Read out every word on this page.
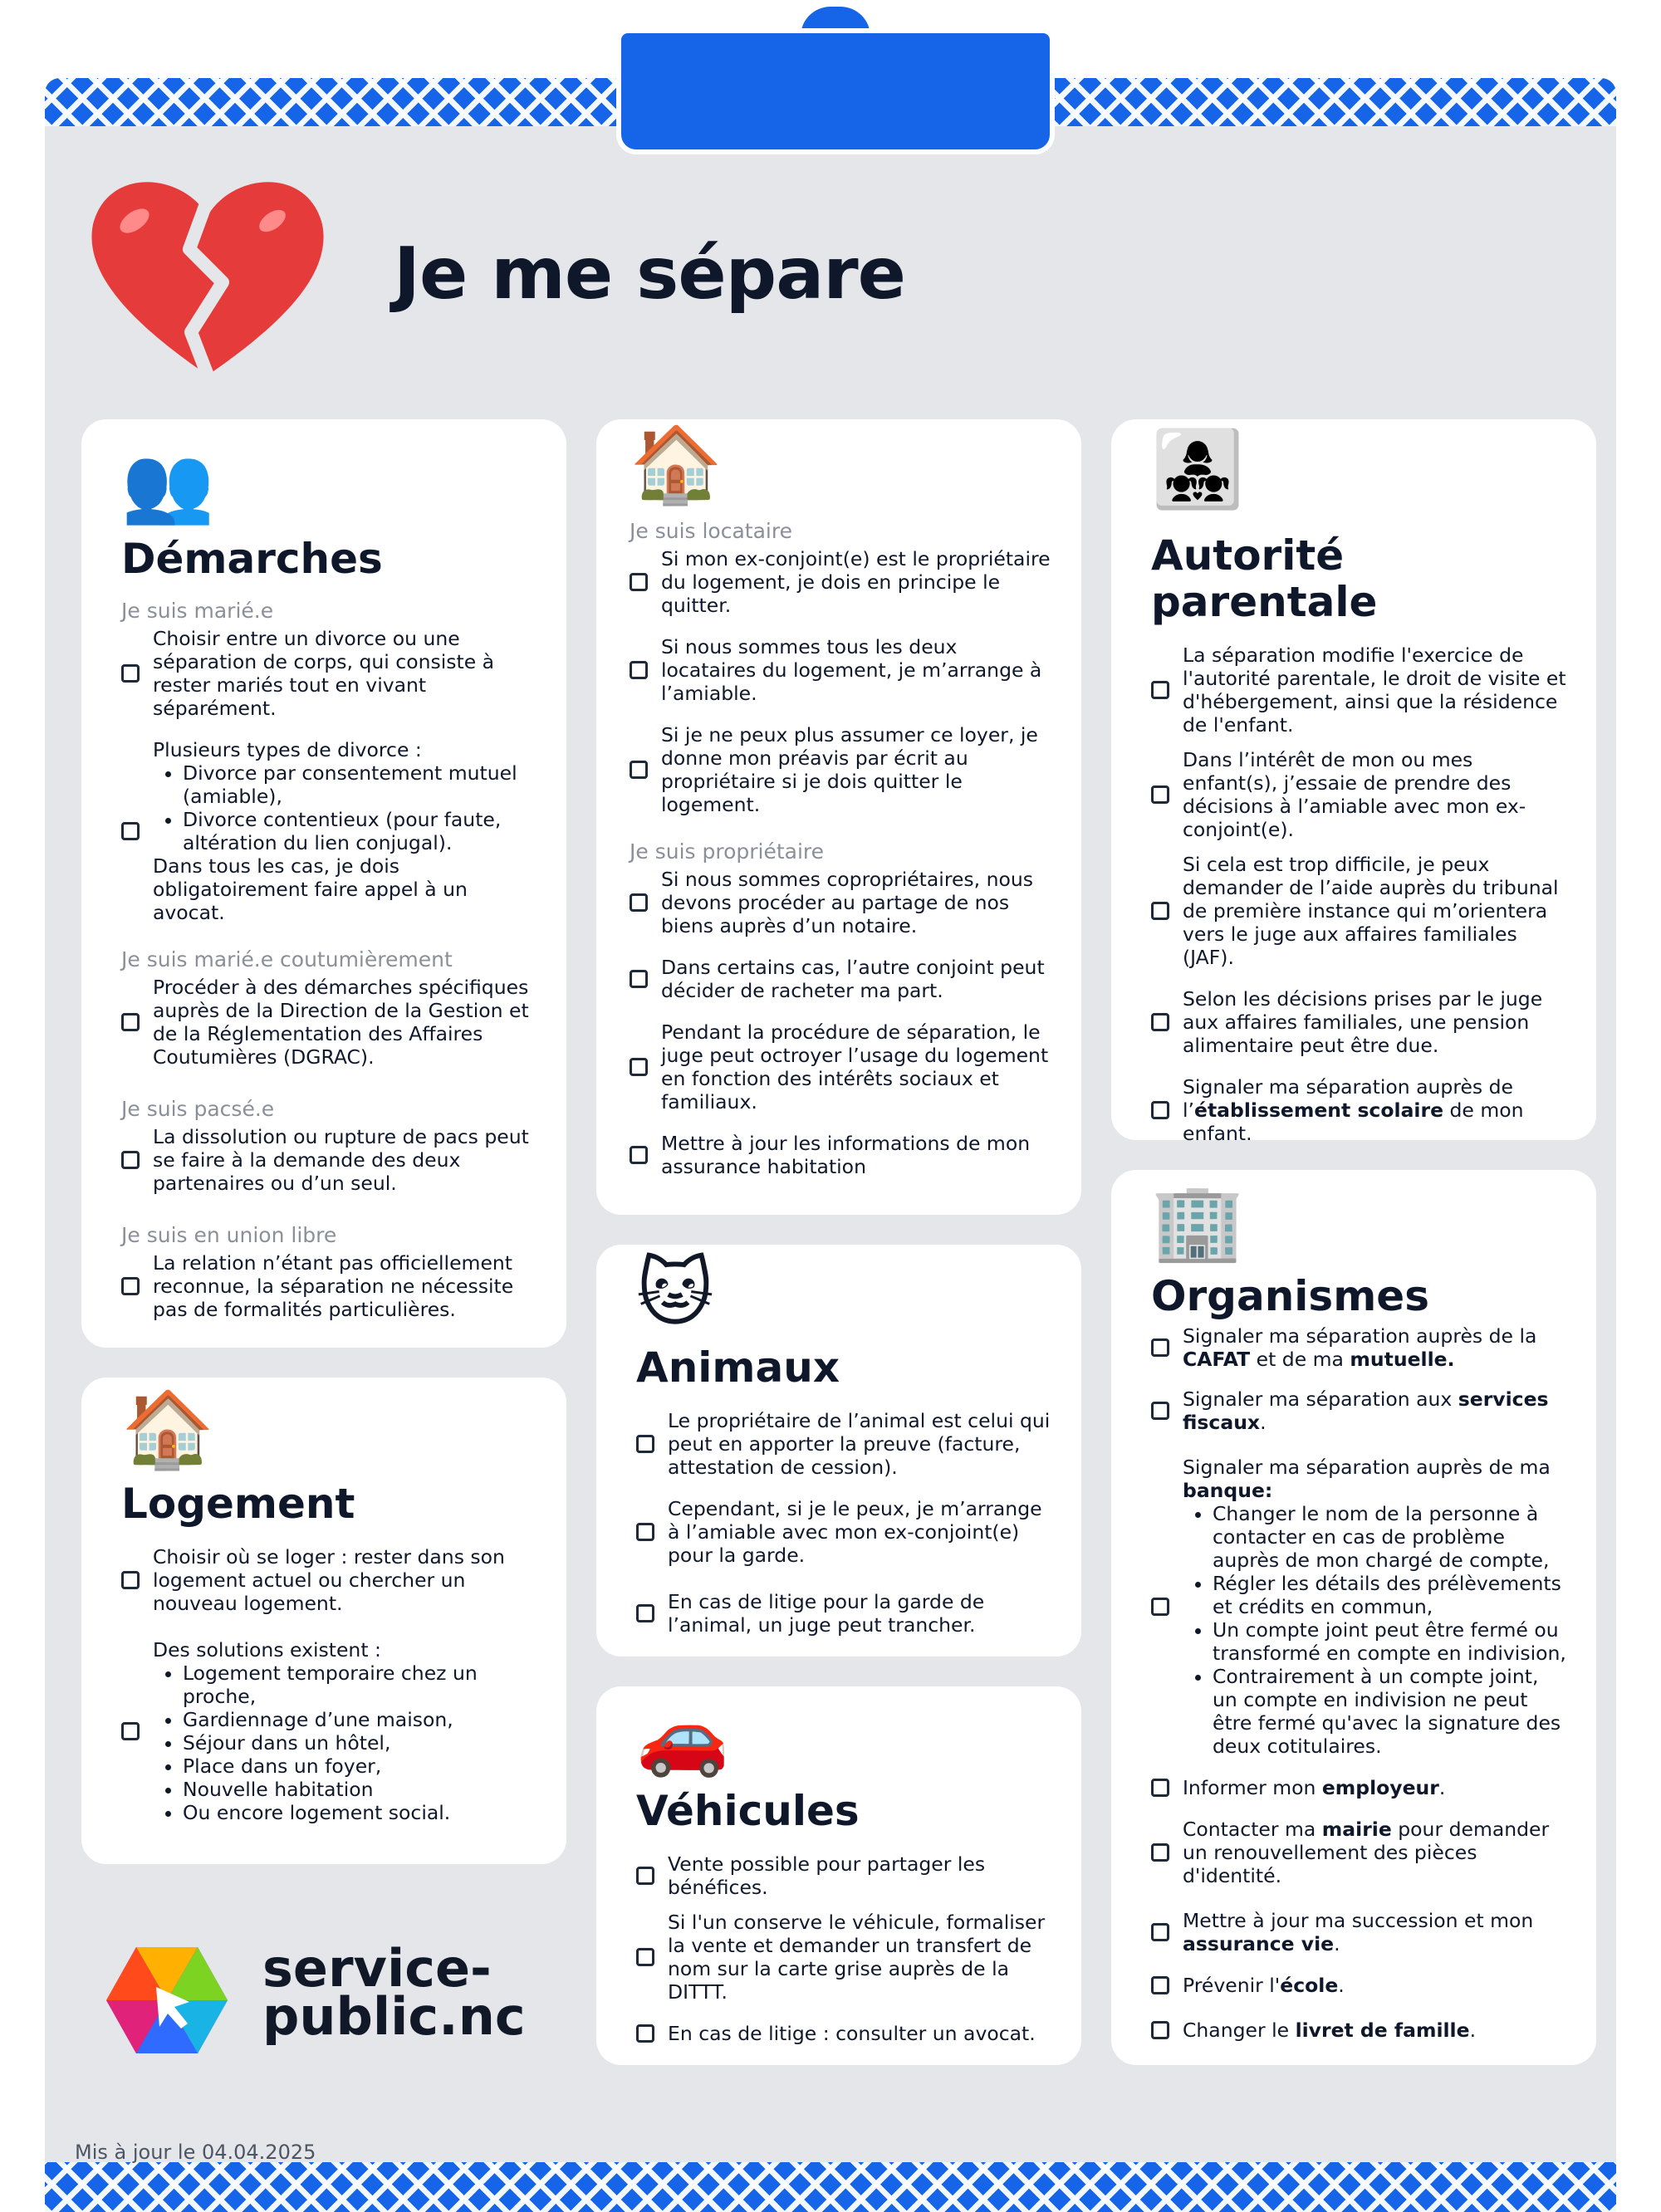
Je me sépare
👥
Démarches
Je suis marié.e
Choisir entre un divorce ou une séparation de corps, qui consiste à rester mariés tout en vivant séparément.

Plusieurs types de divorce :

• Divorce par consentement mutuel (amiable),
• Divorce contentieux (pour faute, altération du lien conjugal).

Dans tous les cas, je dois obligatoirement faire appel à un avocat.

Je suis marié.e coutumièrement
Procéder à des démarches spécifiques auprès de la Direction de la Gestion et de la Réglementation des Affaires Coutumières (DGRAC).
Je suis pacsé.e
La dissolution ou rupture de pacs peut se faire à la demande des deux partenaires ou d’un seul.
Je suis en union libre
La relation n’étant pas officiellement reconnue, la séparation ne nécessite pas de formalités particulières.
🏠
Logement
Choisir où se loger : rester dans son logement actuel ou chercher un nouveau logement.

Des solutions existent :

• Logement temporaire chez un proche,
• Gardiennage d’une maison,
• Séjour dans un hôtel,
• Place dans un foyer,
• Nouvelle habitation
• Ou encore logement social.
🏠
Je suis locataire
Si mon ex-conjoint(e) est le propriétaire du logement, je dois en principe le quitter.
Si nous sommes tous les deux locataires du logement, je m’arrange à l’amiable.
Si je ne peux plus assumer ce loyer, je donne mon préavis par écrit au propriétaire si je dois quitter le logement.
Je suis propriétaire
Si nous sommes copropriétaires, nous devons procéder au partage de nos biens auprès d’un notaire.
Dans certains cas, l’autre conjoint peut décider de racheter ma part.
Pendant la procédure de séparation, le juge peut octroyer l’usage du logement en fonction des intérêts sociaux et familiaux.
Mettre à jour les informations de mon assurance habitation
🐱
Animaux
Le propriétaire de l’animal est celui qui peut en apporter la preuve (facture, attestation de cession).
Cependant, si je le peux, je m’arrange à l’amiable avec mon ex-conjoint(e) pour la garde.
En cas de litige pour la garde de l’animal, un juge peut trancher.
🚗
Véhicules
Vente possible pour partager les bénéfices.
Si l'un conserve le véhicule, formaliser la vente et demander un transfert de nom sur la carte grise auprès de la DITTT.
En cas de litige : consulter un avocat.
👩‍👧‍👧
Autorité parentale
La séparation modifie l'exercice de l'autorité parentale, le droit de visite et d'hébergement, ainsi que la résidence de l'enfant.
Dans l’intérêt de mon ou mes enfant(s), j’essaie de prendre des décisions à l’amiable avec mon ex-conjoint(e).
Si cela est trop difficile, je peux demander de l’aide auprès du tribunal de première instance qui m’orientera vers le juge aux affaires familiales (JAF).
Selon les décisions prises par le juge aux affaires familiales, une pension alimentaire peut être due.
Signaler ma séparation auprès de l’établissement scolaire de mon enfant.
🏢
Organismes
Signaler ma séparation auprès de la CAFAT et de ma mutuelle.
Signaler ma séparation aux services fiscaux.

Signaler ma séparation auprès de ma banque:

• Changer le nom de la personne à contacter en cas de problème auprès de mon chargé de compte,
• Régler les détails des prélèvements et crédits en commun,
• Un compte joint peut être fermé ou transformé en compte en indivision,
• Contrairement à un compte joint, un compte en indivision ne peut être fermé qu'avec la signature des deux cotitulaires.
Informer mon employeur.
Contacter ma mairie pour demander un renouvellement des pièces d'identité.
Mettre à jour ma succession et mon assurance vie.
Prévenir l'école.
Changer le livret de famille.
service-
public.nc
Mis à jour le 04.04.2025
